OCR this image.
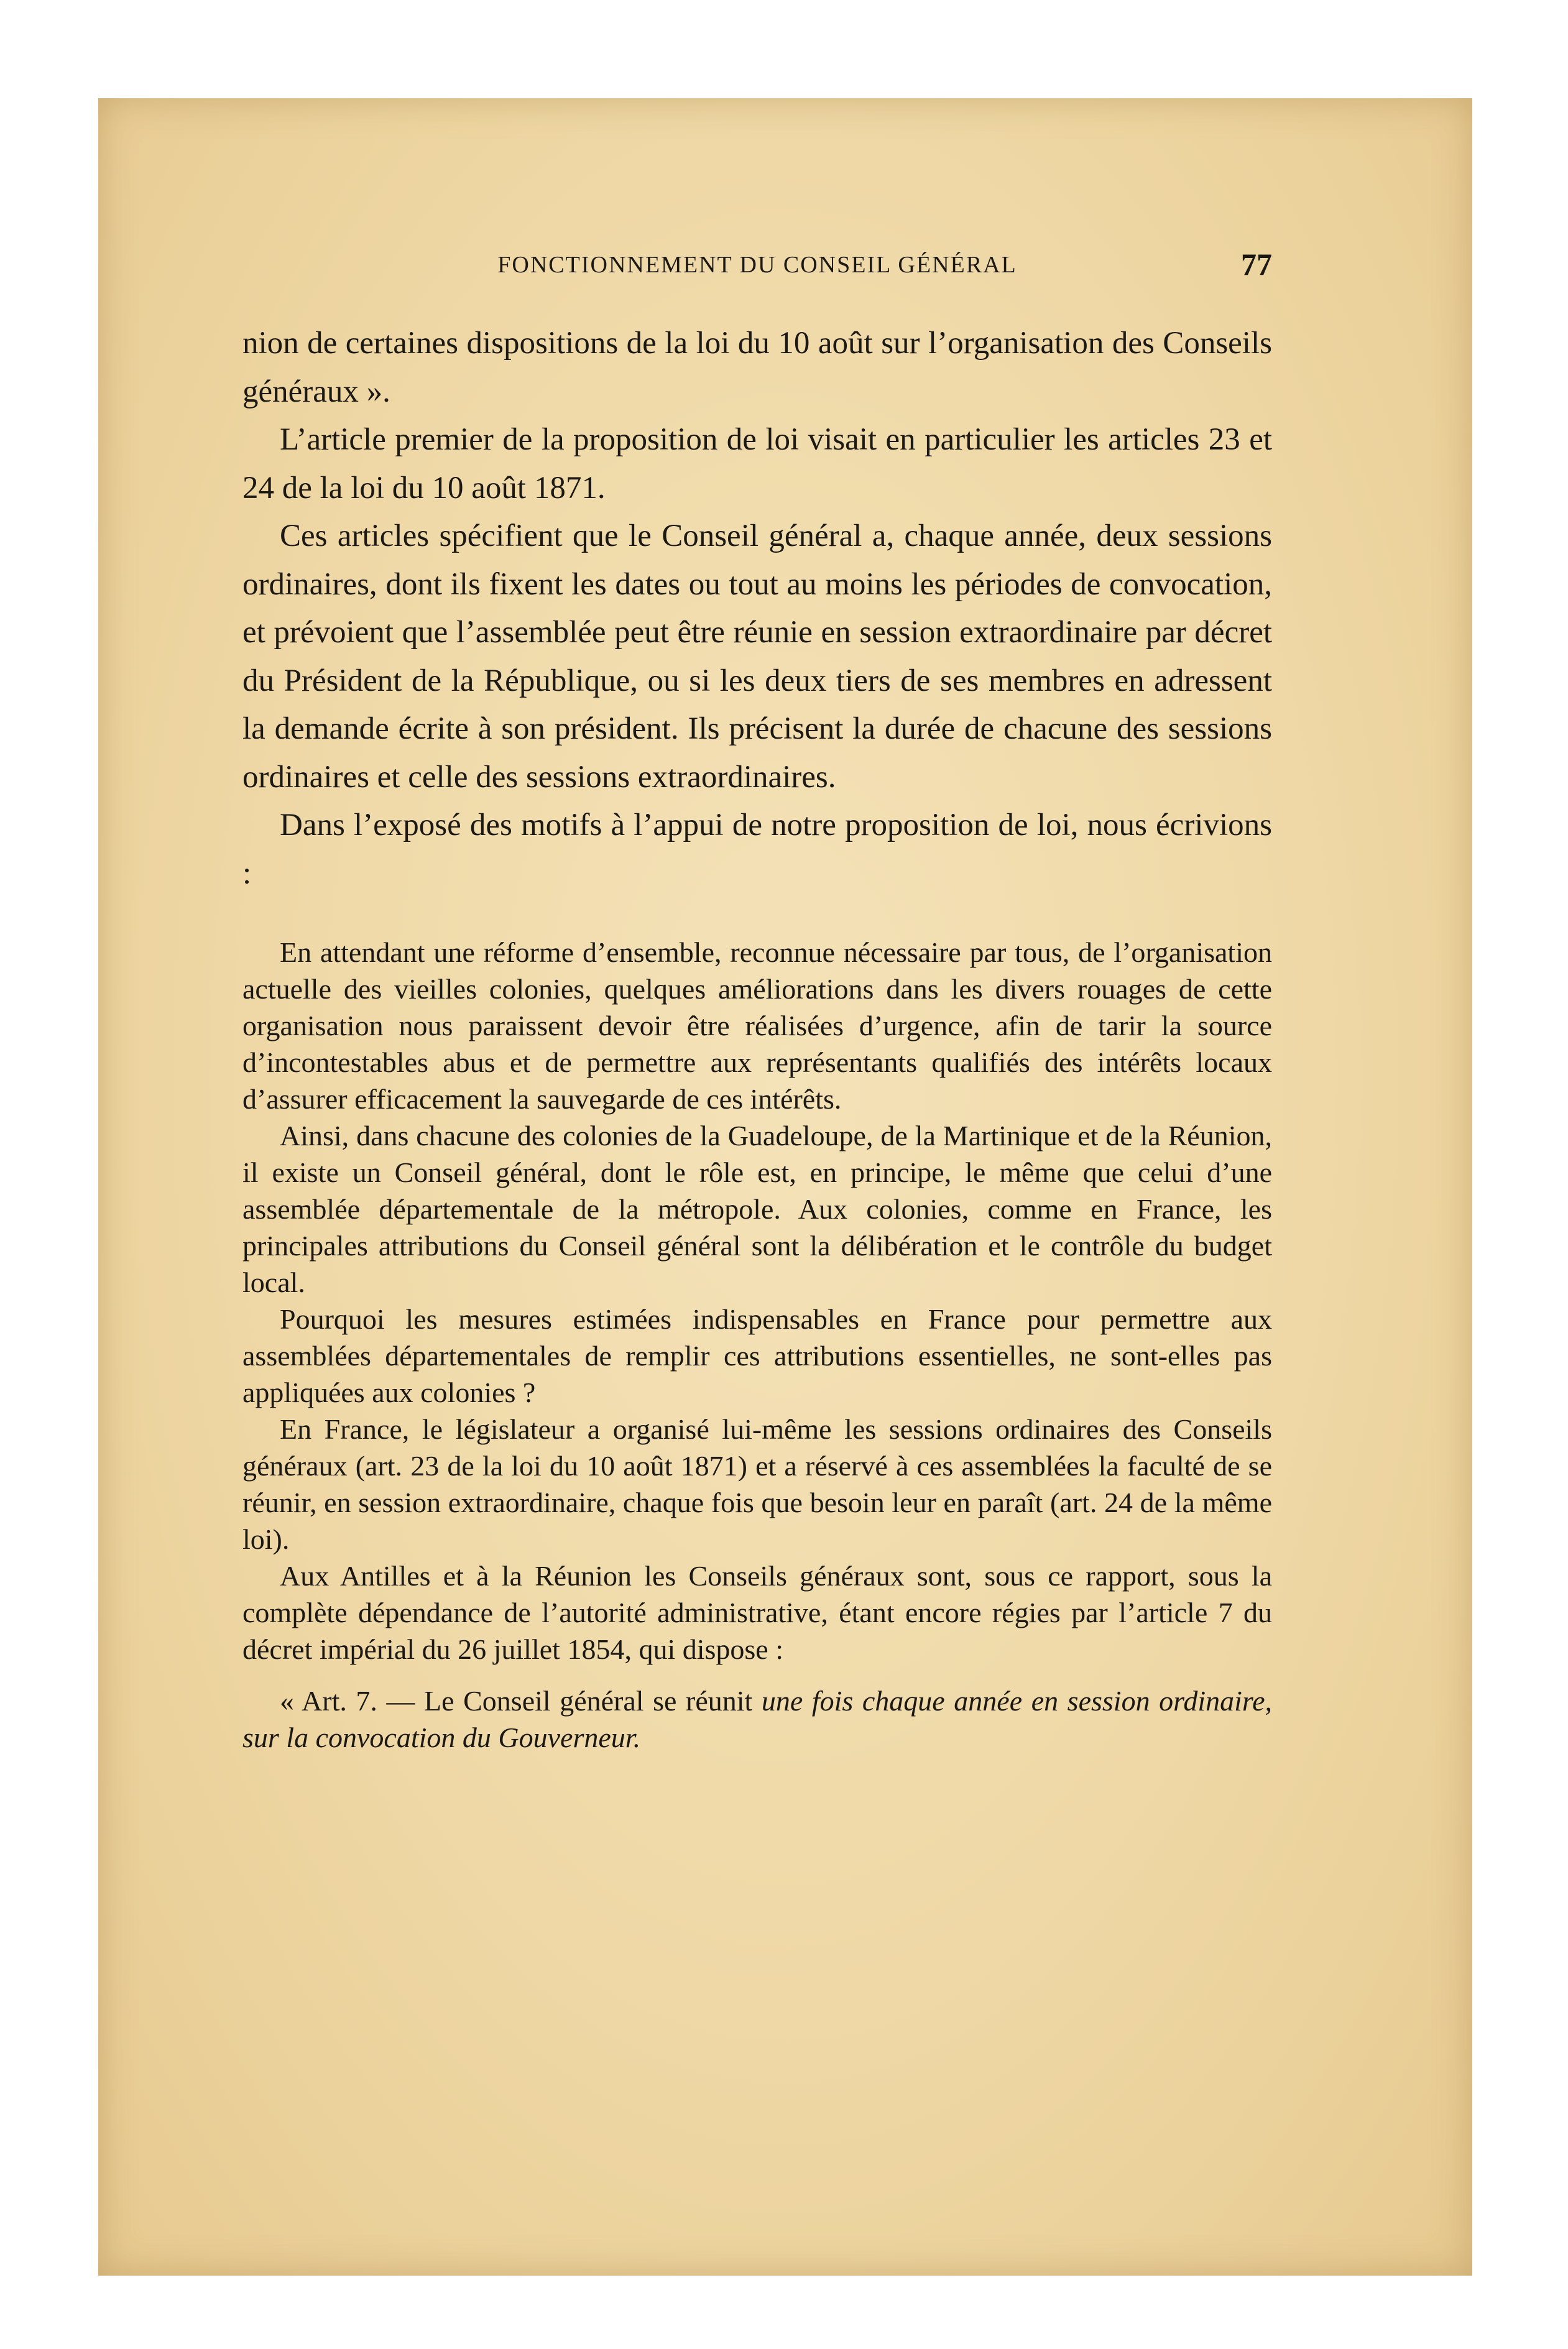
FONCTIONNEMENT DU CONSEIL GÉNÉRAL	77

nion de certaines dispositions de la loi du 10 août sur l’organisation des Conseils généraux ».

L’article premier de la proposition de loi visait en particulier les articles 23 et 24 de la loi du 10 août 1871.

Ces articles spécifient que le Conseil général a, chaque année, deux sessions ordinaires, dont ils fixent les dates ou tout au moins les périodes de convocation, et prévoient que l’assemblée peut être réunie en session extraordinaire par décret du Président de la République, ou si les deux tiers de ses membres en adressent la demande écrite à son président. Ils précisent la durée de chacune des sessions ordinaires et celle des sessions extraordinaires.

Dans l’exposé des motifs à l’appui de notre proposition de loi, nous écrivions :

En attendant une réforme d’ensemble, reconnue nécessaire par tous, de l’organisation actuelle des vieilles colonies, quelques améliorations dans les divers rouages de cette organisation nous paraissent devoir être réalisées d’urgence, afin de tarir la source d’incontestables abus et de permettre aux représentants qualifiés des intérêts locaux d’assurer efficacement la sauvegarde de ces intérêts.

Ainsi, dans chacune des colonies de la Guadeloupe, de la Martinique et de la Réunion, il existe un Conseil général, dont le rôle est, en principe, le même que celui d’une assemblée départementale de la métropole. Aux colonies, comme en France, les principales attributions du Conseil général sont la délibération et le contrôle du budget local.

Pourquoi les mesures estimées indispensables en France pour permettre aux assemblées départementales de remplir ces attributions essentielles, ne sont-elles pas appliquées aux colonies ?

En France, le législateur a organisé lui-même les sessions ordinaires des Conseils généraux (art. 23 de la loi du 10 août 1871) et a réservé à ces assemblées la faculté de se réunir, en session extraordinaire, chaque fois que besoin leur en paraît (art. 24 de la même loi).

Aux Antilles et à la Réunion les Conseils généraux sont, sous ce rapport, sous la complète dépendance de l’autorité administrative, étant encore régies par l’article 7 du décret impérial du 26 juillet 1854, qui dispose :

« Art. 7. — Le Conseil général se réunit une fois chaque année en session ordinaire, sur la convocation du Gouverneur.
